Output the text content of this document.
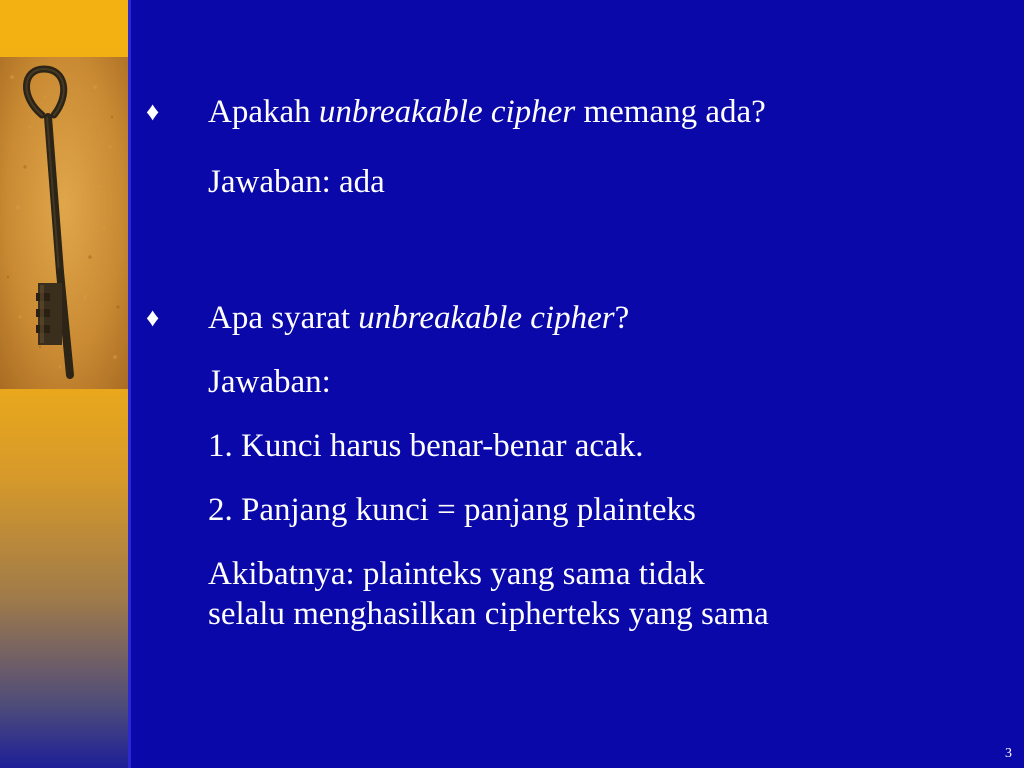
♦ Apakah unbreakable cipher memang ada?
Jawaban: ada
♦ Apa syarat unbreakable cipher?
Jawaban:
1. Kunci harus benar-benar acak.
2. Panjang kunci = panjang plainteks
Akibatnya: plainteks yang sama tidak
selalu menghasilkan cipherteks yang sama
3
